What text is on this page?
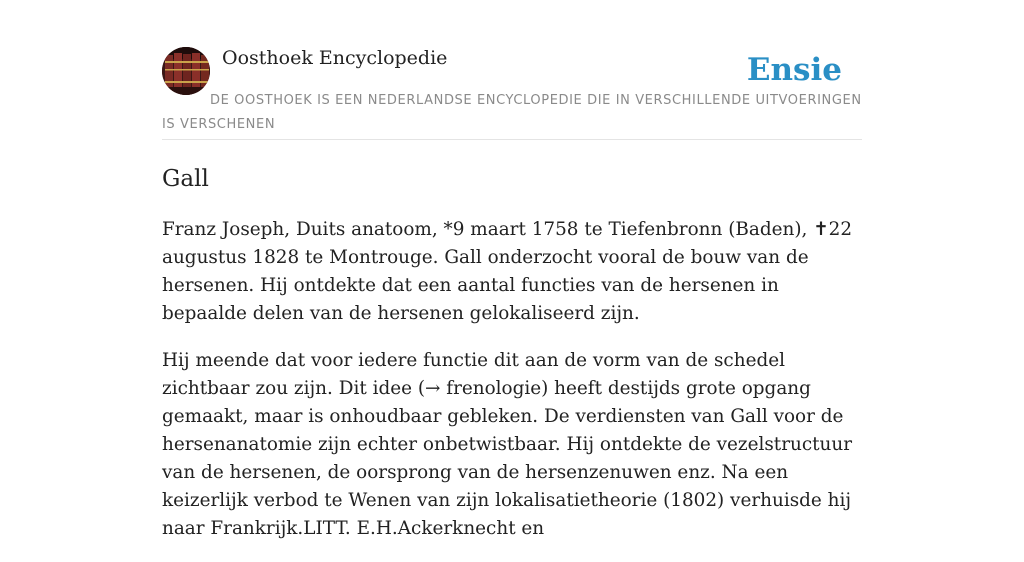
Oosthoek Encyclopedie	Ensie
DE OOSTHOEK IS EEN NEDERLANDSE ENCYCLOPEDIE DIE IN VERSCHILLENDE UITVOERINGEN IS VERSCHENEN
Gall

Franz Joseph, Duits anatoom, *9 maart 1758 te Tiefenbronn (Baden), ✝22 augustus 1828 te Montrouge. Gall onderzocht vooral de bouw van de hersenen. Hij ontdekte dat een aantal functies van de hersenen in bepaalde delen van de hersenen gelokaliseerd zijn.

Hij meende dat voor iedere functie dit aan de vorm van de schedel zichtbaar zou zijn. Dit idee (→ frenologie) heeft destijds grote opgang gemaakt, maar is onhoudbaar gebleken. De verdiensten van Gall voor de hersenanatomie zijn echter onbetwistbaar. Hij ontdekte de vezelstructuur van de hersenen, de oorsprong van de hersenzenuwen enz. Na een keizerlijk verbod te Wenen van zijn lokalisatietheorie (1802) verhuisde hij naar Frankrijk.LITT. E.H.Ackerknecht en
